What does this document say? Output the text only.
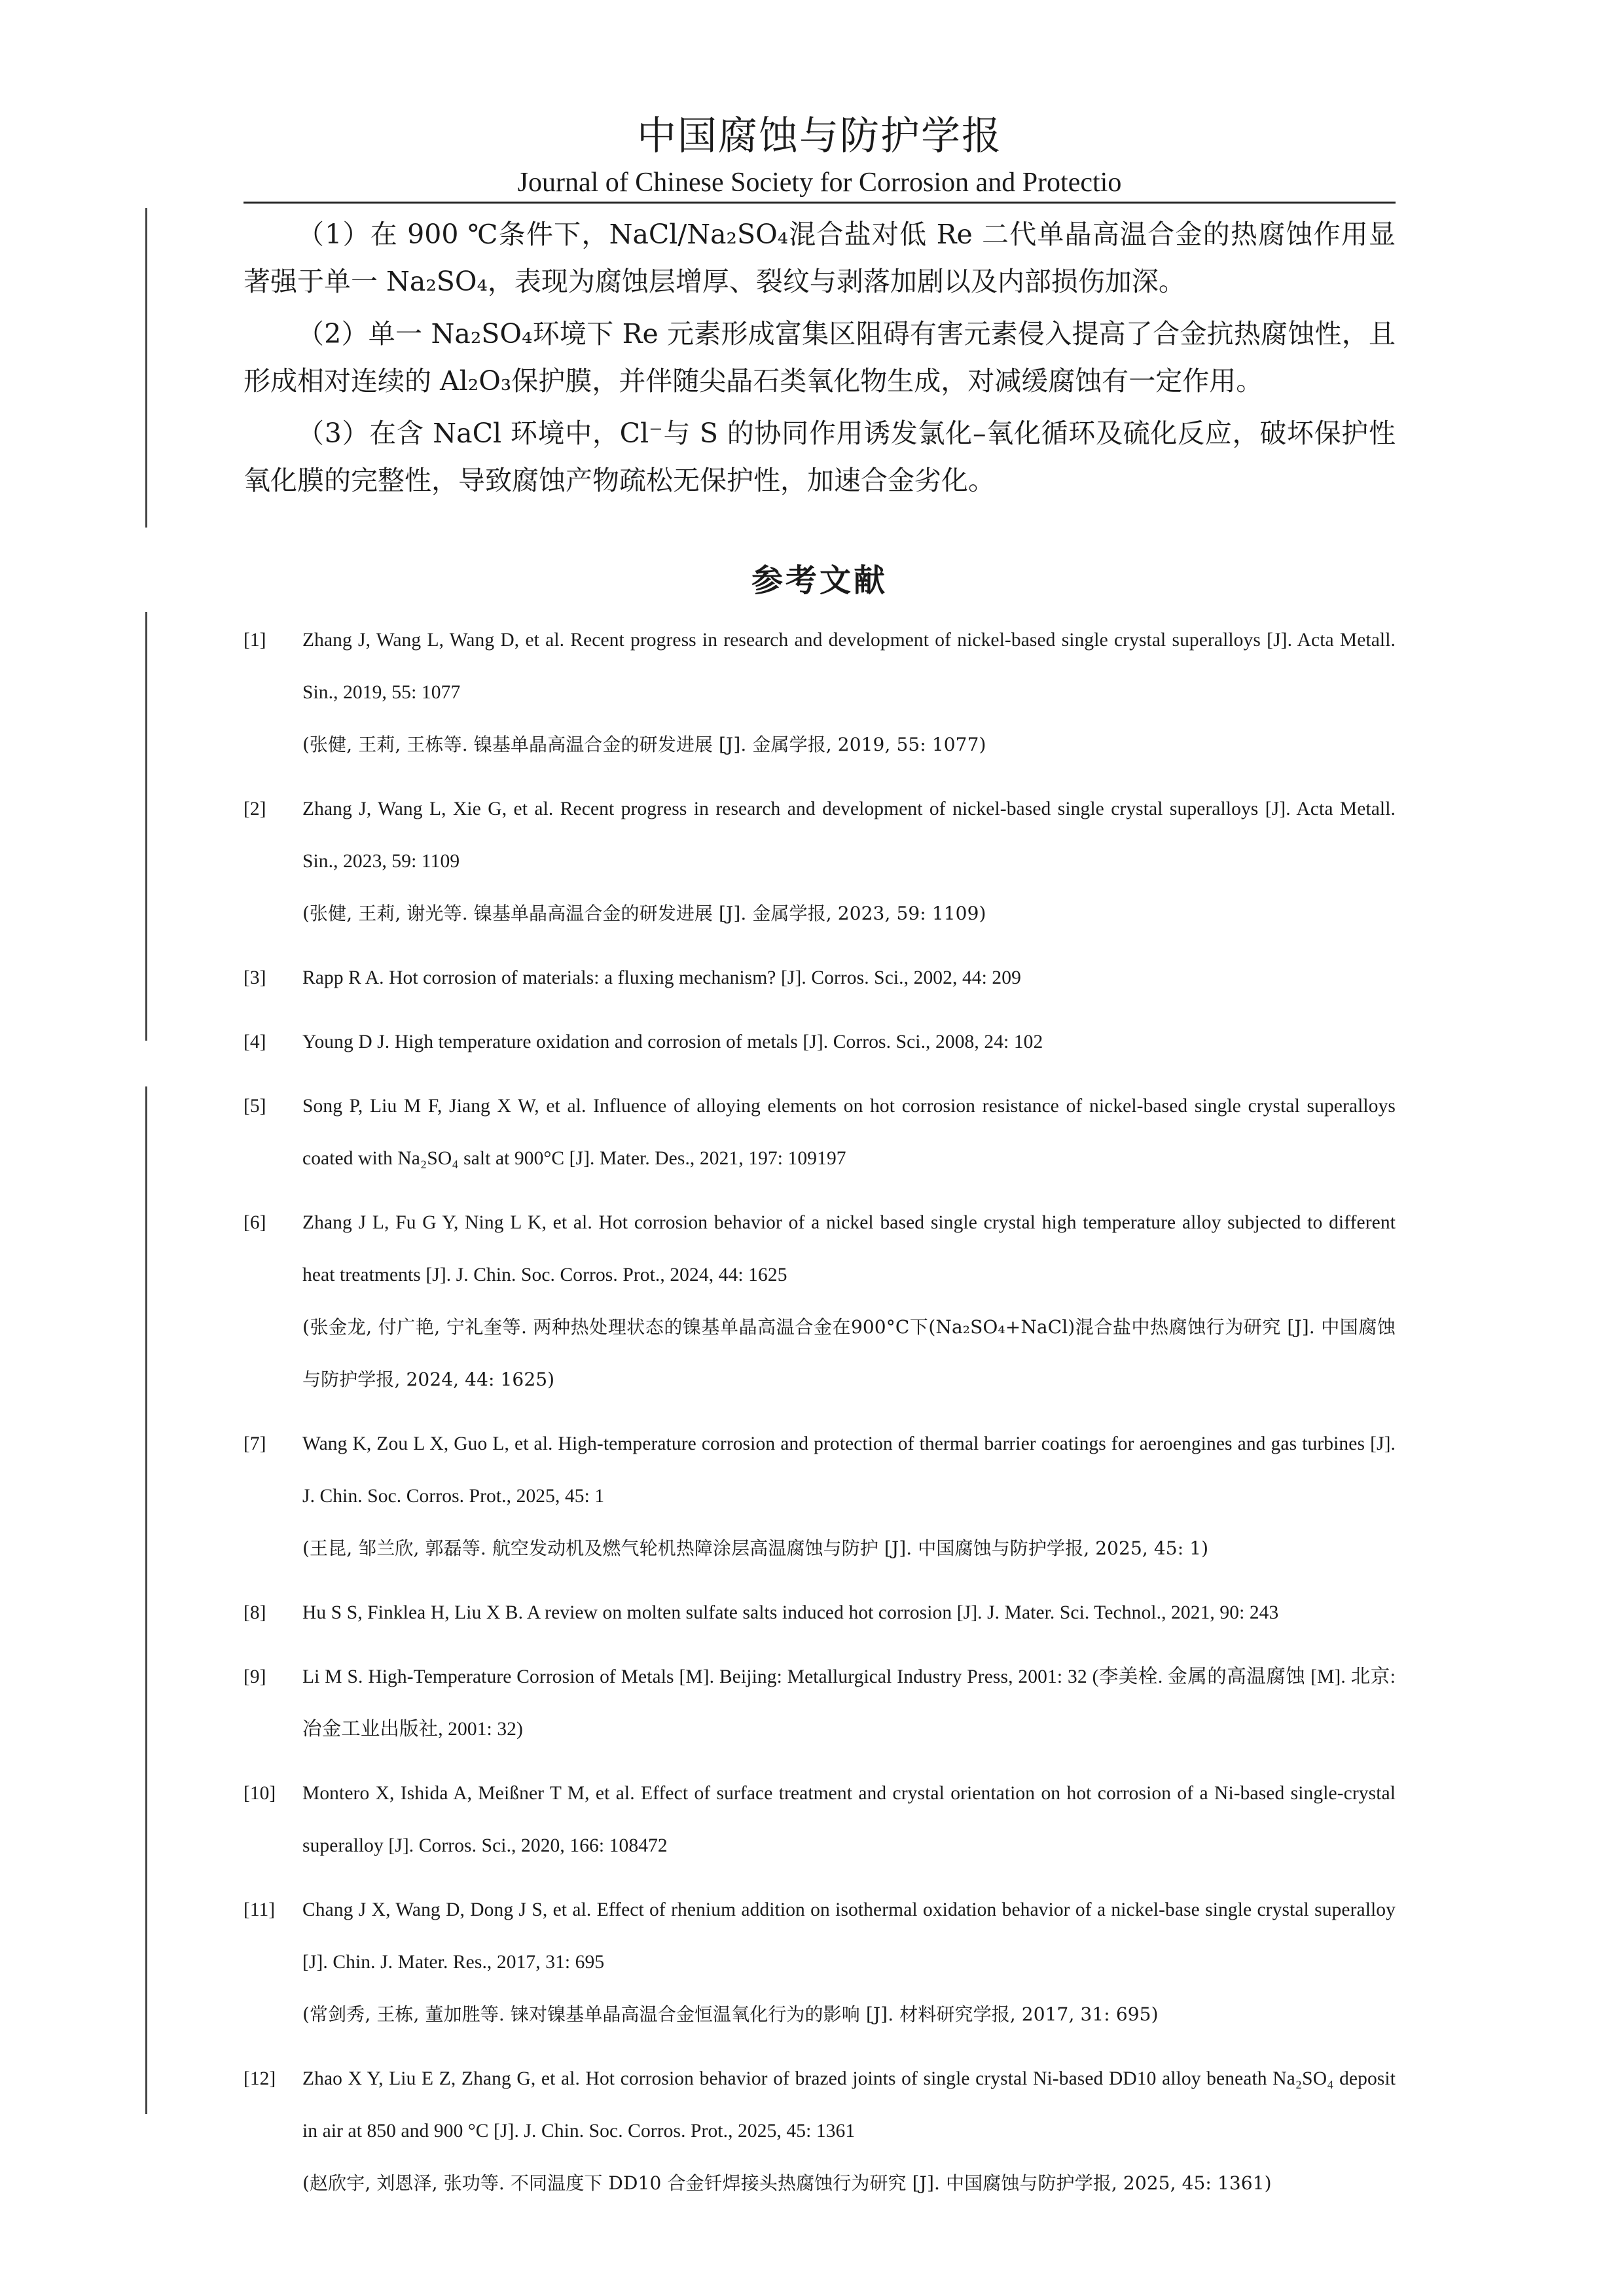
中国腐蚀与防护学报
Journal of Chinese Society for Corrosion and Protectio

（1）在 900 ℃条件下，NaCl/Na₂SO₄混合盐对低 Re 二代单晶高温合金的热腐蚀作用显著强于单一 Na₂SO₄，表现为腐蚀层增厚、裂纹与剥落加剧以及内部损伤加深。

（2）单一 Na₂SO₄环境下 Re 元素形成富集区阻碍有害元素侵入提高了合金抗热腐蚀性，且形成相对连续的 Al₂O₃保护膜，并伴随尖晶石类氧化物生成，对减缓腐蚀有一定作用。

（3）在含 NaCl 环境中，Cl⁻与 S 的协同作用诱发氯化–氧化循环及硫化反应，破坏保护性氧化膜的完整性，导致腐蚀产物疏松无保护性，加速合金劣化。

参考文献
[1]	Zhang J, Wang L, Wang D, et al. Recent progress in research and development of nickel-based single crystal superalloys [J]. Acta Metall. Sin., 2019, 55: 1077
(张健, 王莉, 王栋等. 镍基单晶高温合金的研发进展 [J]. 金属学报, 2019, 55: 1077)
[2]	Zhang J, Wang L, Xie G, et al. Recent progress in research and development of nickel-based single crystal superalloys [J]. Acta Metall. Sin., 2023, 59: 1109
(张健, 王莉, 谢光等. 镍基单晶高温合金的研发进展 [J]. 金属学报, 2023, 59: 1109)
[3]	Rapp R A. Hot corrosion of materials: a fluxing mechanism? [J]. Corros. Sci., 2002, 44: 209
[4]	Young D J. High temperature oxidation and corrosion of metals [J]. Corros. Sci., 2008, 24: 102
[5]	Song P, Liu M F, Jiang X W, et al. Influence of alloying elements on hot corrosion resistance of nickel-based single crystal superalloys coated with Na₂SO₄ salt at 900°C [J]. Mater. Des., 2021, 197: 109197
[6]	Zhang J L, Fu G Y, Ning L K, et al. Hot corrosion behavior of a nickel based single crystal high temperature alloy subjected to different heat treatments [J]. J. Chin. Soc. Corros. Prot., 2024, 44: 1625
(张金龙, 付广艳, 宁礼奎等. 两种热处理状态的镍基单晶高温合金在900°C下(Na₂SO₄+NaCl)混合盐中热腐蚀行为研究 [J]. 中国腐蚀与防护学报, 2024, 44: 1625)
[7]	Wang K, Zou L X, Guo L, et al. High-temperature corrosion and protection of thermal barrier coatings for aeroengines and gas turbines [J]. J. Chin. Soc. Corros. Prot., 2025, 45: 1
(王昆, 邹兰欣, 郭磊等. 航空发动机及燃气轮机热障涂层高温腐蚀与防护 [J]. 中国腐蚀与防护学报, 2025, 45: 1)
[8]	Hu S S, Finklea H, Liu X B. A review on molten sulfate salts induced hot corrosion [J]. J. Mater. Sci. Technol., 2021, 90: 243
[9]	Li M S. High-Temperature Corrosion of Metals [M]. Beijing: Metallurgical Industry Press, 2001: 32 (李美栓. 金属的高温腐蚀 [M]. 北京: 冶金工业出版社, 2001: 32)
[10]	Montero X, Ishida A, Meißner T M, et al. Effect of surface treatment and crystal orientation on hot corrosion of a Ni-based single-crystal superalloy [J]. Corros. Sci., 2020, 166: 108472
[11]	Chang J X, Wang D, Dong J S, et al. Effect of rhenium addition on isothermal oxidation behavior of a nickel-base single crystal superalloy [J]. Chin. J. Mater. Res., 2017, 31: 695
(常剑秀, 王栋, 董加胜等. 铼对镍基单晶高温合金恒温氧化行为的影响 [J]. 材料研究学报, 2017, 31: 695)
[12]	Zhao X Y, Liu E Z, Zhang G, et al. Hot corrosion behavior of brazed joints of single crystal Ni-based DD10 alloy beneath Na₂SO₄ deposit in air at 850 and 900 °C [J]. J. Chin. Soc. Corros. Prot., 2025, 45: 1361
(赵欣宇, 刘恩泽, 张功等. 不同温度下 DD10 合金钎焊接头热腐蚀行为研究 [J]. 中国腐蚀与防护学报, 2025, 45: 1361)
